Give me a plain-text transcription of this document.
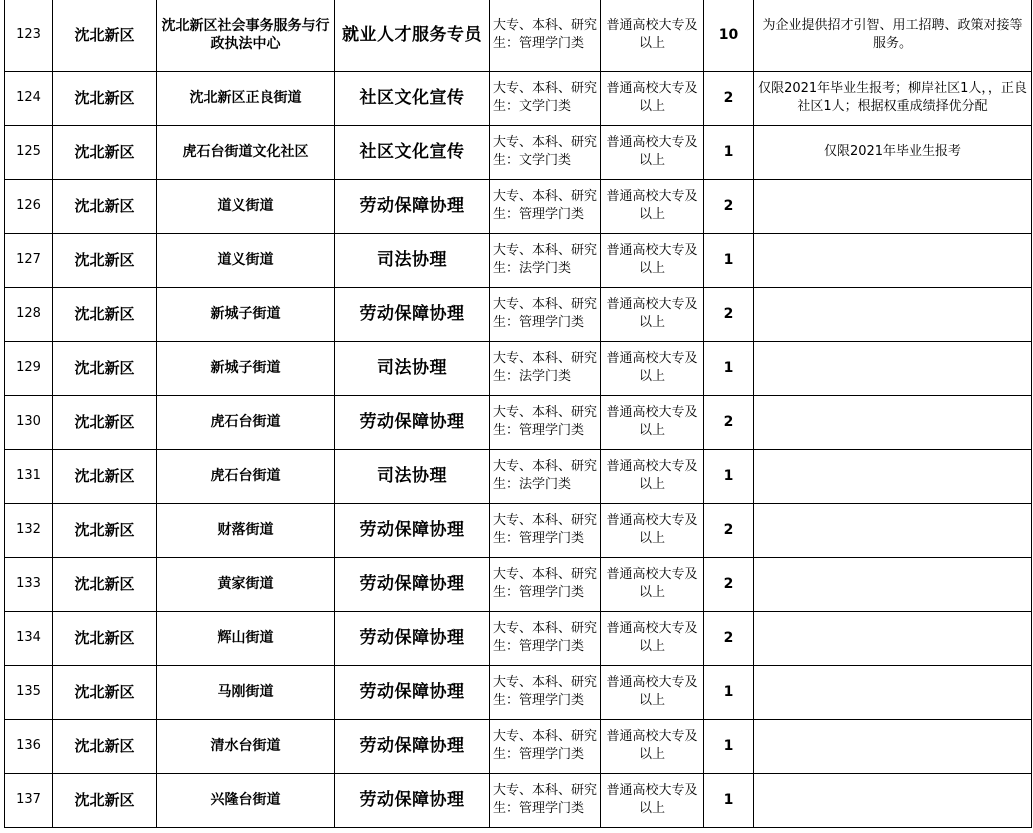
123	沈北新区	沈北新区社会事务服务与行政执法中心	就业人才服务专员	大专、本科、研究生：管理学门类	普通高校大专及以上	10	为企业提供招才引智、用工招聘、政策对接等服务。
124	沈北新区	沈北新区正良街道	社区文化宣传	大专、本科、研究生：文学门类	普通高校大专及以上	2	仅限2021年毕业生报考；柳岸社区1人，，正良社区1人；根据权重成绩择优分配
125	沈北新区	虎石台街道文化社区	社区文化宣传	大专、本科、研究生：文学门类	普通高校大专及以上	1	仅限2021年毕业生报考
126	沈北新区	道义街道	劳动保障协理	大专、本科、研究生：管理学门类	普通高校大专及以上	2	
127	沈北新区	道义街道	司法协理	大专、本科、研究生：法学门类	普通高校大专及以上	1	
128	沈北新区	新城子街道	劳动保障协理	大专、本科、研究生：管理学门类	普通高校大专及以上	2	
129	沈北新区	新城子街道	司法协理	大专、本科、研究生：法学门类	普通高校大专及以上	1	
130	沈北新区	虎石台街道	劳动保障协理	大专、本科、研究生：管理学门类	普通高校大专及以上	2	
131	沈北新区	虎石台街道	司法协理	大专、本科、研究生：法学门类	普通高校大专及以上	1	
132	沈北新区	财落街道	劳动保障协理	大专、本科、研究生：管理学门类	普通高校大专及以上	2	
133	沈北新区	黄家街道	劳动保障协理	大专、本科、研究生：管理学门类	普通高校大专及以上	2	
134	沈北新区	辉山街道	劳动保障协理	大专、本科、研究生：管理学门类	普通高校大专及以上	2	
135	沈北新区	马刚街道	劳动保障协理	大专、本科、研究生：管理学门类	普通高校大专及以上	1	
136	沈北新区	清水台街道	劳动保障协理	大专、本科、研究生：管理学门类	普通高校大专及以上	1	
137	沈北新区	兴隆台街道	劳动保障协理	大专、本科、研究生：管理学门类	普通高校大专及以上	1	
